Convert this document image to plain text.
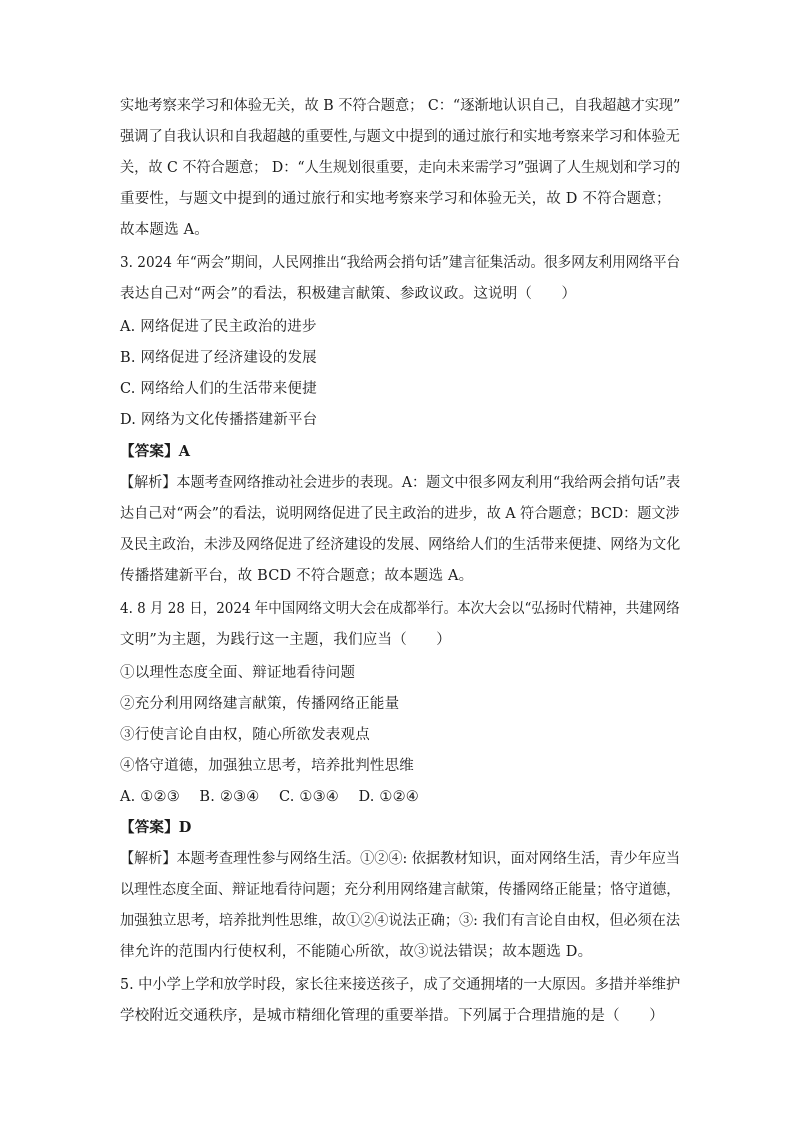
实地考察来学习和体验无关，故 B 不符合题意； C：“逐渐地认识自己，自我超越才实现”
强调了自我认识和自我超越的重要性,与题文中提到的通过旅行和实地考察来学习和体验无
关，故 C 不符合题意； D：“人生规划很重要，走向未来需学习”强调了人生规划和学习的
重要性，与题文中提到的通过旅行和实地考察来学习和体验无关，故 D 不符合题意；
故本题选 A。
3. 2024 年“两会”期间，人民网推出“我给两会捎句话”建言征集活动。很多网友利用网络平台
表达自己对“两会”的看法，积极建言献策、参政议政。这说明（　　）
A. 网络促进了民主政治的进步
B. 网络促进了经济建设的发展
C. 网络给人们的生活带来便捷
D. 网络为文化传播搭建新平台
【答案】A
【解析】本题考查网络推动社会进步的表现。A：题文中很多网友利用“我给两会捎句话”表
达自己对“两会”的看法，说明网络促进了民主政治的进步，故 A 符合题意；BCD：题文涉
及民主政治，未涉及网络促进了经济建设的发展、网络给人们的生活带来便捷、网络为文化
传播搭建新平台，故 BCD 不符合题意；故本题选 A。
4. 8 月 28 日，2024 年中国网络文明大会在成都举行。本次大会以“弘扬时代精神，共建网络
文明”为主题，为践行这一主题，我们应当（　　）
①以理性态度全面、辩证地看待问题
②充分利用网络建言献策，传播网络正能量
③行使言论自由权，随心所欲发表观点
④恪守道德，加强独立思考，培养批判性思维
A. ①②③　 B. ②③④　 C. ①③④　 D. ①②④
【答案】D
【解析】本题考查理性参与网络生活。①②④: 依据教材知识，面对网络生活，青少年应当
以理性态度全面、辩证地看待问题；充分利用网络建言献策，传播网络正能量；恪守道德，
加强独立思考，培养批判性思维，故①②④说法正确；③: 我们有言论自由权，但必须在法
律允许的范围内行使权利，不能随心所欲，故③说法错误；故本题选 D。
5. 中小学上学和放学时段，家长往来接送孩子，成了交通拥堵的一大原因。多措并举维护
学校附近交通秩序，是城市精细化管理的重要举措。下列属于合理措施的是（　　）
